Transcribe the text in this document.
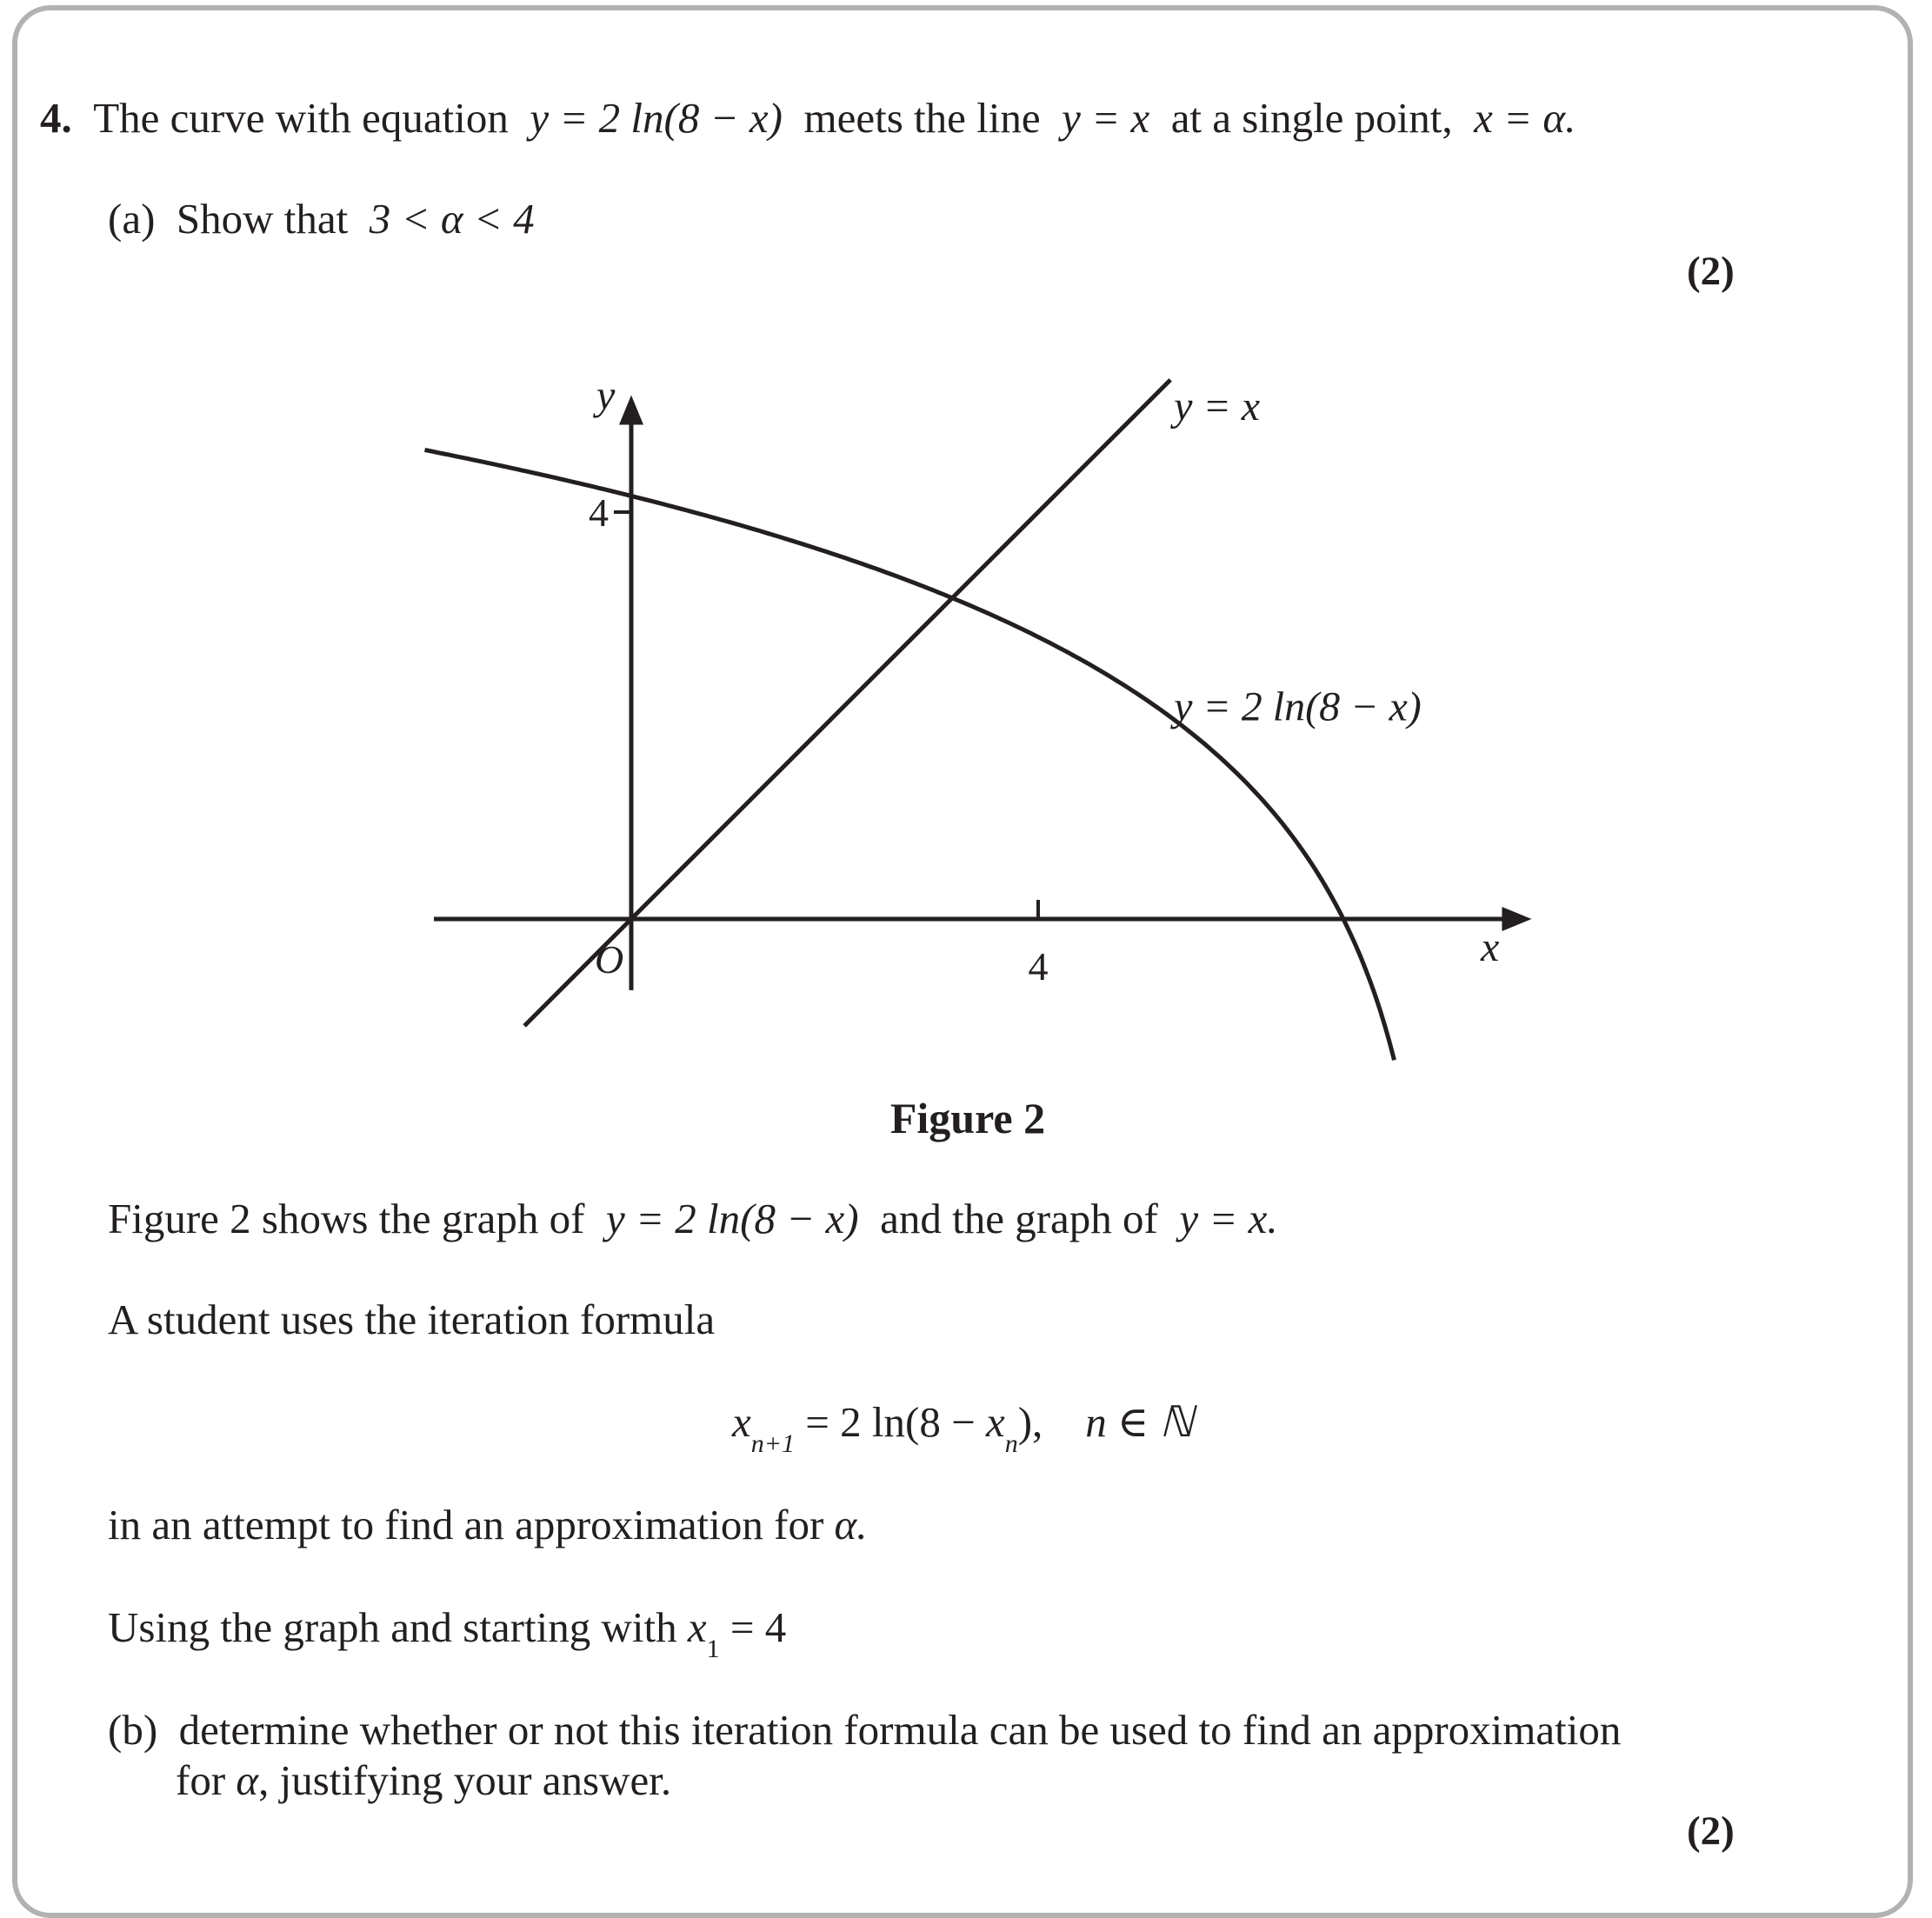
4. The curve with equation y = 2 ln(8 − x) meets the line y = x at a single point, x = α.
(a) Show that 3 < α < 4
(2)
y
x
O	4
4
y = x
y = 2 ln(8 − x)
Figure 2
Figure 2 shows the graph of y = 2 ln(8 − x) and the graph of y = x.
A student uses the iteration formula
$x_{n+1} = 2$ $\ln(8 - x_n)$, n ∈ ℕ
in an attempt to find an approximation for α.
Using the graph and starting with $x_1 = 4$
(b) determine whether or not this iteration formula can be used to find an approximation
for α, justifying your answer.
(2)
